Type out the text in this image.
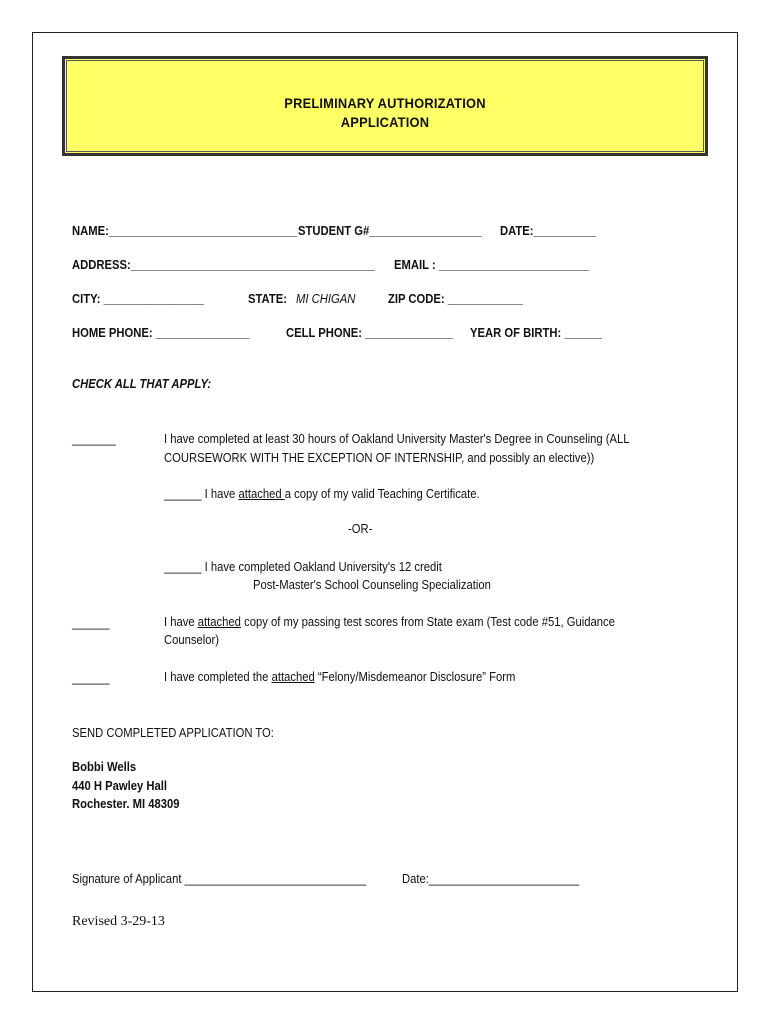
PRELIMINARY AUTHORIZATION
APPLICATION
NAME:______________________________ STUDENT G#__________________ DATE:__________
ADDRESS:_______________________________________ EMAIL : ________________________
CITY: ________________	STATE: MI CHIGAN	ZIP CODE: ____________
HOME PHONE: _______________	CELL PHONE: ______________ YEAR OF BIRTH: ______
CHECK ALL THAT APPLY:
_______	I have completed at least 30 hours of Oakland University Master's Degree in Counseling (ALL
COURSEWORK WITH THE EXCEPTION OF INTERNSHIP, and possibly an elective))
______ I have attached a copy of my valid Teaching Certificate.
-OR-
______ I have completed Oakland University's 12 credit
Post-Master's School Counseling Specialization
______	I have attached copy of my passing test scores from State exam (Test code #51, Guidance
Counselor)
______	I have completed the attached “Felony/Misdemeanor Disclosure” Form
SEND COMPLETED APPLICATION TO:
Bobbi Wells
440 H Pawley Hall
Rochester. MI 48309
Signature of Applicant _____________________________	Date:________________________
Revised 3-29-13
